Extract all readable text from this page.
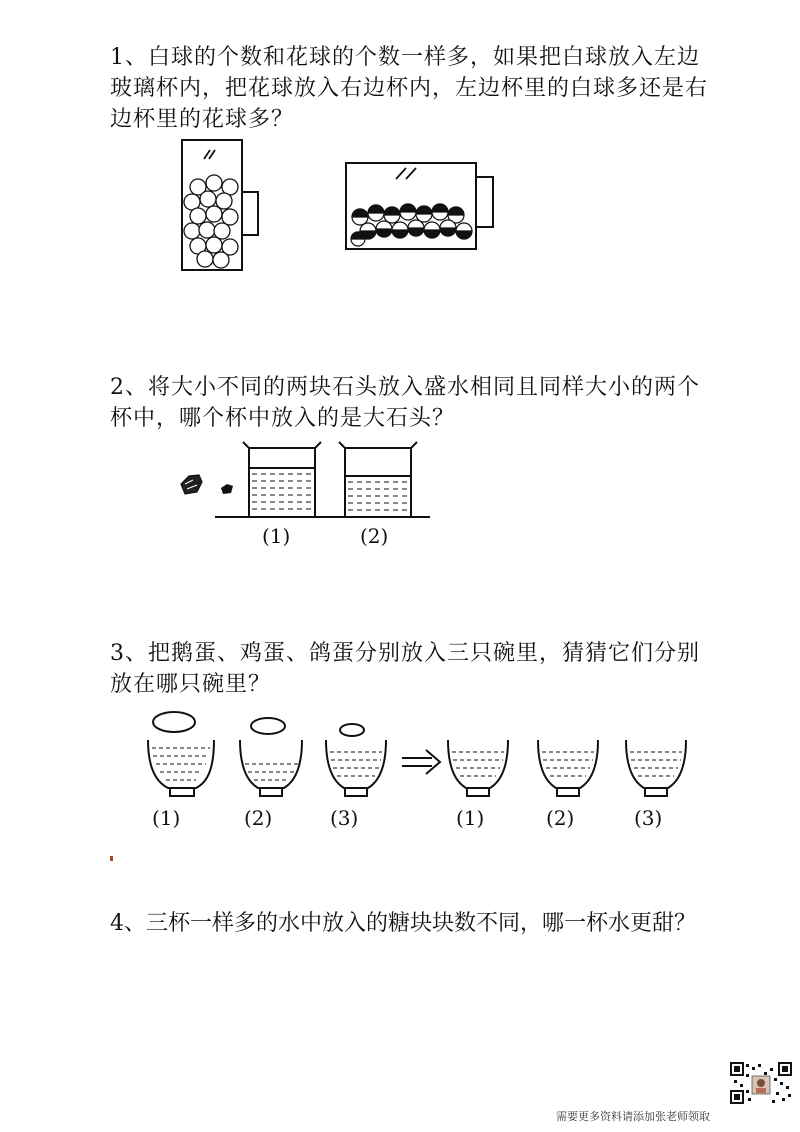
1、白球的个数和花球的个数一样多，如果把白球放入左边玻璃杯内，把花球放入右边杯内，左边杯里的白球多还是右边杯里的花球多？

2、将大小不同的两块石头放入盛水相同且同样大小的两个杯中，哪个杯中放入的是大石头？

(1)	(2)

3、把鹅蛋、鸡蛋、鸽蛋分别放入三只碗里，猜猜它们分别放在哪只碗里？

(1)	(2)	(3)	(1)	(2)	(3)

4、三杯一样多的水中放入的糖块块数不同，哪一杯水更甜？

需要更多资料请添加张老师领取
